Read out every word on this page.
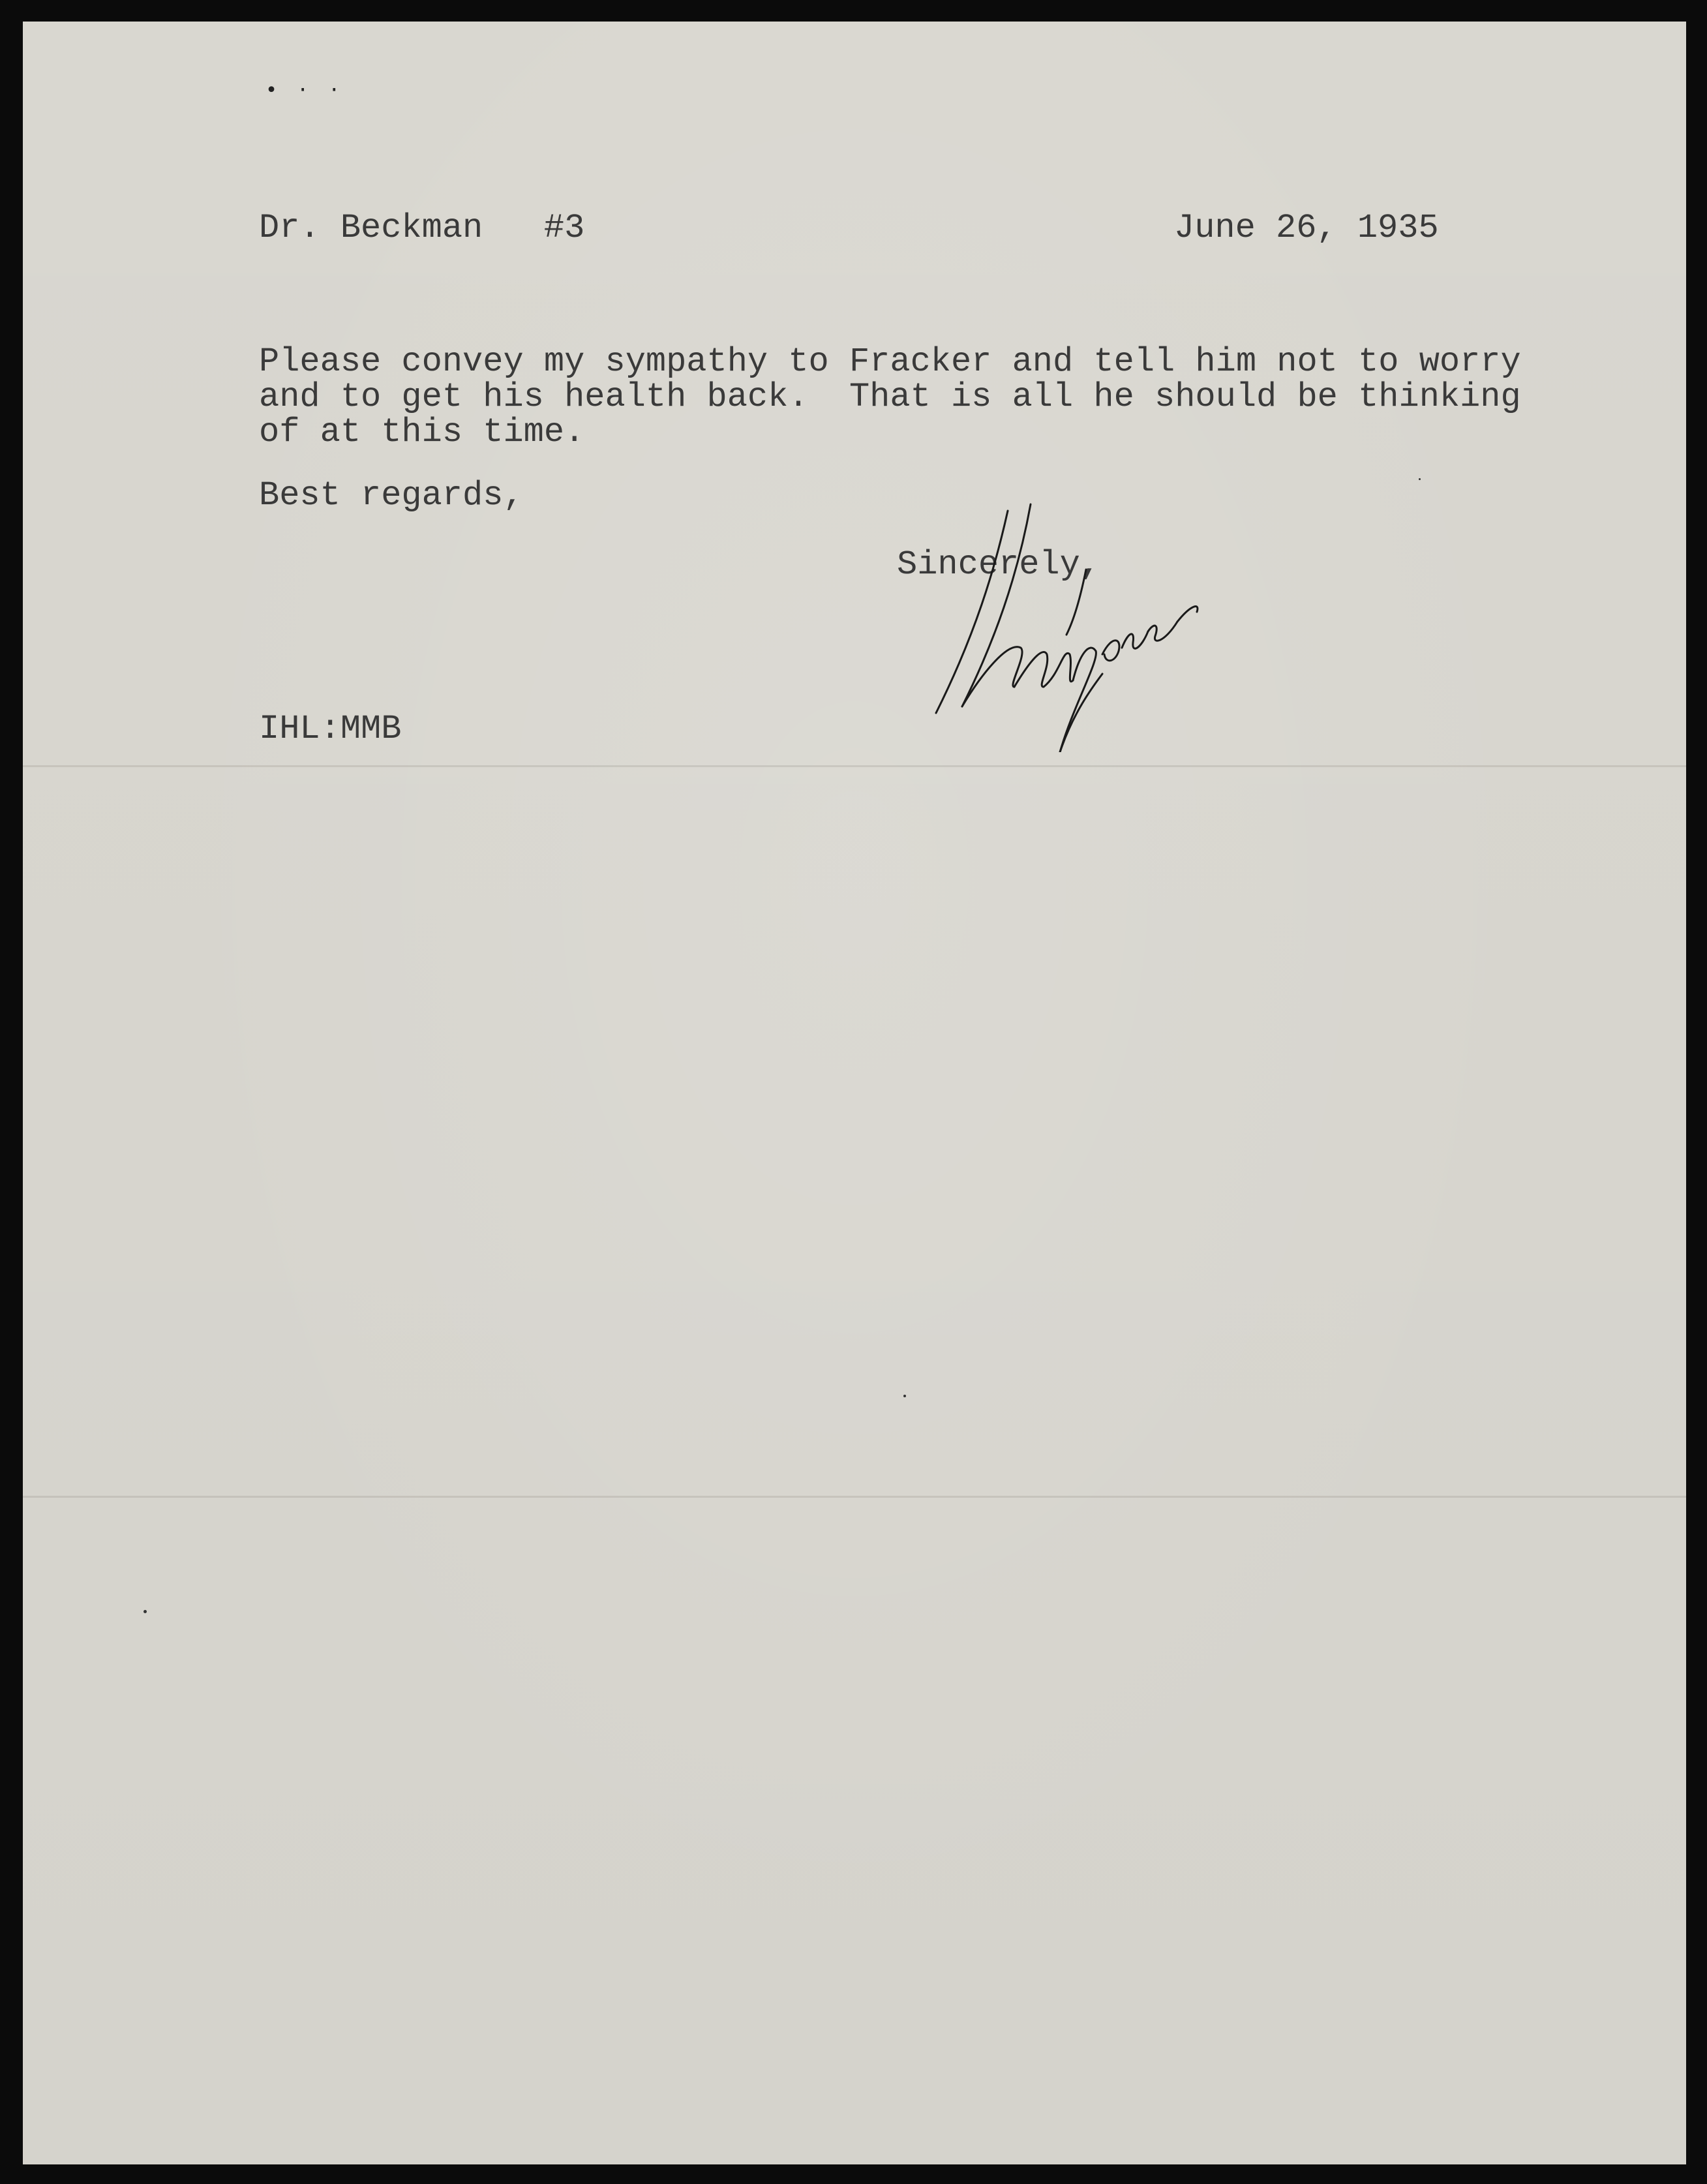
• · ·
Dr. Beckman #3	June 26, 1935
Please convey my sympathy to Fracker and tell him not to worry
and to get his health back.  That is all he should be thinking
of at this time.
Best regards,
Sincerely,
IHL:MMB
